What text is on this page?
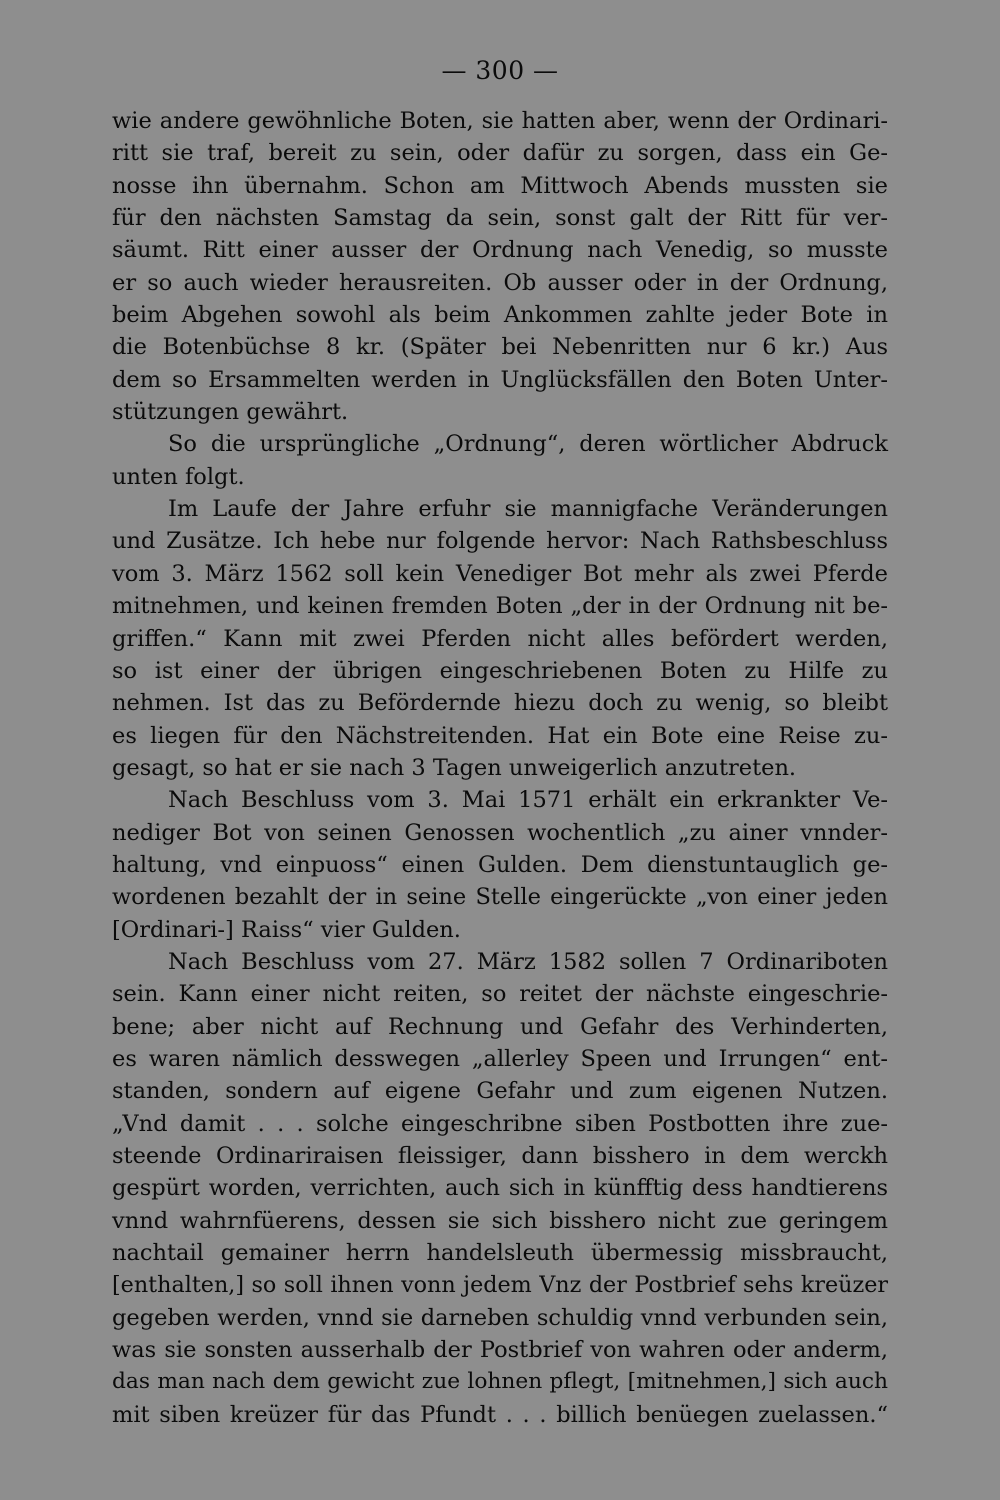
— 300 —
wie andere gewöhnliche Boten, sie hatten aber, wenn der Ordinari-
ritt sie traf, bereit zu sein, oder dafür zu sorgen, dass ein Ge-
nosse ihn übernahm. Schon am Mittwoch Abends mussten sie
für den nächsten Samstag da sein, sonst galt der Ritt für ver-
säumt. Ritt einer ausser der Ordnung nach Venedig, so musste
er so auch wieder herausreiten. Ob ausser oder in der Ordnung,
beim Abgehen sowohl als beim Ankommen zahlte jeder Bote in
die Botenbüchse 8 kr. (Später bei Nebenritten nur 6 kr.) Aus
dem so Ersammelten werden in Unglücksfällen den Boten Unter-
stützungen gewährt.
So die ursprüngliche „Ordnung“, deren wörtlicher Abdruck
unten folgt.
Im Laufe der Jahre erfuhr sie mannigfache Veränderungen
und Zusätze. Ich hebe nur folgende hervor: Nach Rathsbeschluss
vom 3. März 1562 soll kein Venediger Bot mehr als zwei Pferde
mitnehmen, und keinen fremden Boten „der in der Ordnung nit be-
griffen.“ Kann mit zwei Pferden nicht alles befördert werden,
so ist einer der übrigen eingeschriebenen Boten zu Hilfe zu
nehmen. Ist das zu Befördernde hiezu doch zu wenig, so bleibt
es liegen für den Nächstreitenden. Hat ein Bote eine Reise zu-
gesagt, so hat er sie nach 3 Tagen unweigerlich anzutreten.
Nach Beschluss vom 3. Mai 1571 erhält ein erkrankter Ve-
nediger Bot von seinen Genossen wochentlich „zu ainer vnnder-
haltung, vnd einpuoss“ einen Gulden. Dem dienstuntauglich ge-
wordenen bezahlt der in seine Stelle eingerückte „von einer jeden
[Ordinari-] Raiss“ vier Gulden.
Nach Beschluss vom 27. März 1582 sollen 7 Ordinariboten
sein. Kann einer nicht reiten, so reitet der nächste eingeschrie-
bene; aber nicht auf Rechnung und Gefahr des Verhinderten,
es waren nämlich desswegen „allerley Speen und Irrungen“ ent-
standen, sondern auf eigene Gefahr und zum eigenen Nutzen.
„Vnd damit . . . solche eingeschribne siben Postbotten ihre zue-
steende Ordinariraisen fleissiger, dann bisshero in dem werckh
gespürt worden, verrichten, auch sich in künfftig dess handtierens
vnnd wahrnfüerens, dessen sie sich bisshero nicht zue geringem
nachtail gemainer herrn handelsleuth übermessig missbraucht,
[enthalten,] so soll ihnen vonn jedem Vnz der Postbrief sehs kreüzer
gegeben werden, vnnd sie darneben schuldig vnnd verbunden sein,
was sie sonsten ausserhalb der Postbrief von wahren oder anderm,
das man nach dem gewicht zue lohnen pflegt, [mitnehmen,] sich auch
mit siben kreüzer für das Pfundt . . . billich benüegen zuelassen.“
